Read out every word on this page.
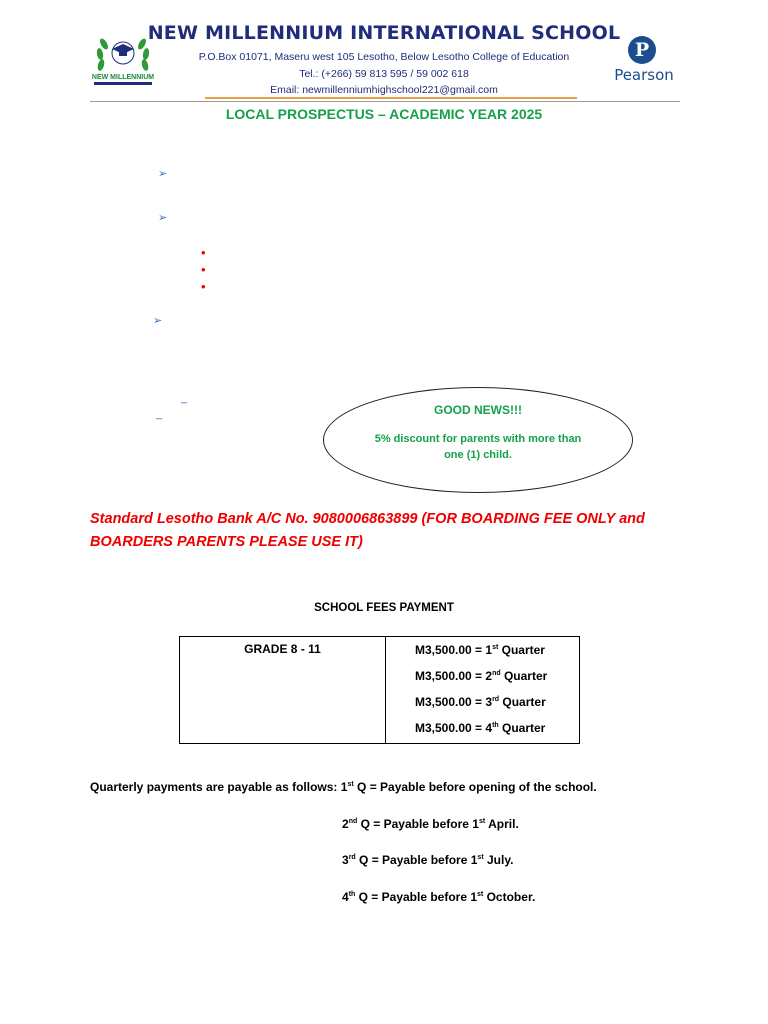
NEW MILLENNIUM
NEW MILLENNIUM INTERNATIONAL SCHOOL
P.O.Box 01071, Maseru west 105 Lesotho, Below Lesotho College of Education
Tel.: (+266) 59 813 595 / 59 002 618
Email: newmillenniumhighschool221@gmail.com
P
Pearson
LOCAL PROSPECTUS – ACADEMIC YEAR 2025
➢
➢
•
•
•
➢
_
_	GOOD NEWS!!!
5% discount for parents with more than one (1) child.
Standard Lesotho Bank A/C No. 9080006863899 (FOR BOARDING FEE ONLY and BOARDERS PARENTS PLEASE USE IT)
SCHOOL FEES PAYMENT
GRADE 8 - 11	M3,500.00 = 1st Quarter
M3,500.00 = 2nd Quarter
M3,500.00 = 3rd Quarter
M3,500.00 = 4th Quarter
Quarterly payments are payable as follows: 1st Q = Payable before opening of the school.
2nd Q = Payable before 1st April.
3rd Q = Payable before 1st July.
4th Q = Payable before 1st October.
